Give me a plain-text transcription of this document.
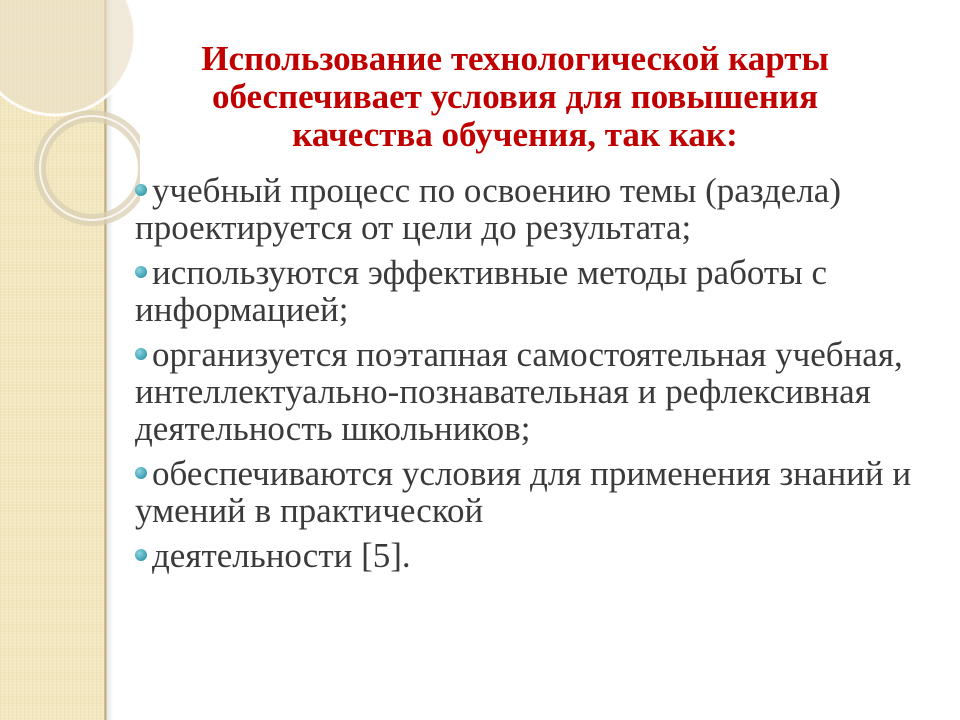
Использование технологической карты
обеспечивает условия для повышения
качества обучения, так как:
учебный процесс по освоению темы (раздела) проектируется от цели до результата;
используются эффективные методы работы с информацией;
организуется поэтапная самостоятельная учебная, интеллектуально-познавательная и рефлексивная деятельность школьников;
обеспечиваются условия для применения знаний и умений в практической
деятельности [5].
